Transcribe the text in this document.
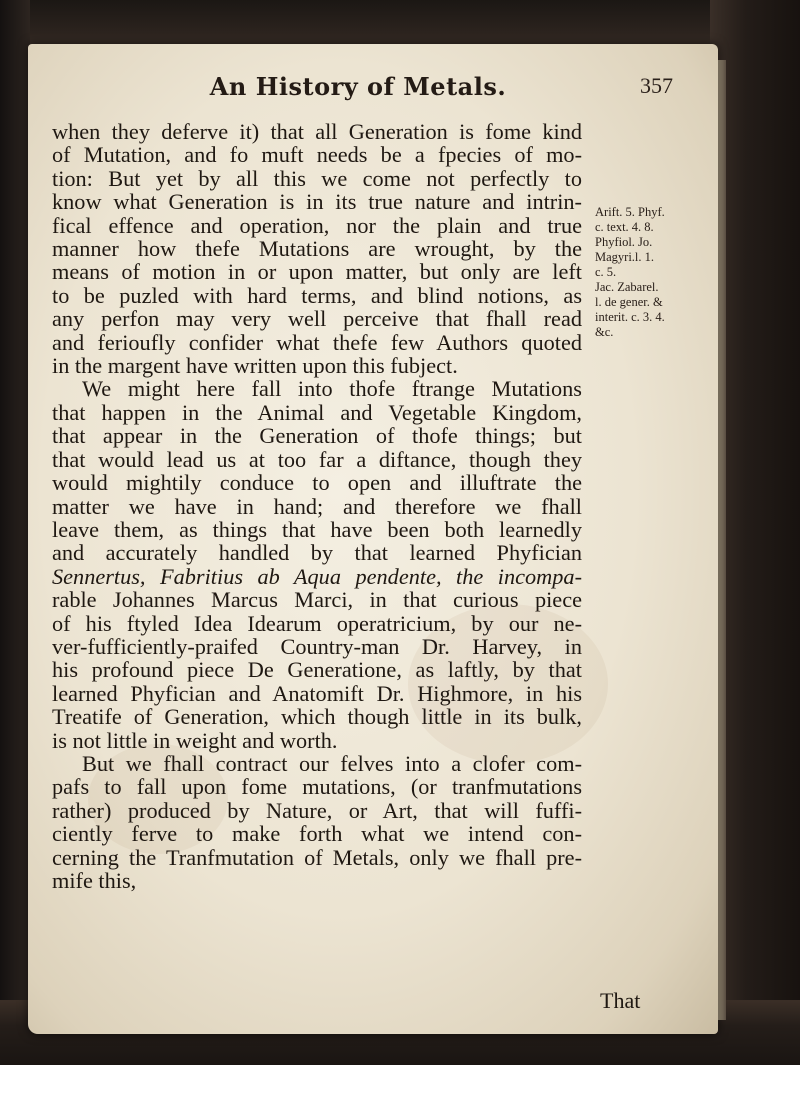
An History of Metals.	357
when they deferve it) that all Generation is fome kind
of Mutation, and fo muft needs be a fpecies of mo-
tion: But yet by all this we come not perfectly to
know what Generation is in its true nature and intrin-
fical effence and operation, nor the plain and true
manner how thefe Mutations are wrought, by the
means of motion in or upon matter, but only are left
to be puzled with hard terms, and blind notions, as
any perfon may very well perceive that fhall read
and ferioufly confider what thefe few Authors quoted
in the margent have written upon this fubject.
We might here fall into thofe ftrange Mutations
that happen in the Animal and Vegetable Kingdom,
that appear in the Generation of thofe things; but
that would lead us at too far a diftance, though they
would mightily conduce to open and illuftrate the
matter we have in hand; and therefore we fhall
leave them, as things that have been both learnedly
and accurately handled by that learned Phyfician
Sennertus, Fabritius ab Aqua pendente, the incompa-
rable Johannes Marcus Marci, in that curious piece
of his ftyled Idea Idearum operatricium, by our ne-
ver-fufficiently-praifed Country-man Dr. Harvey, in
his profound piece De Generatione, as laftly, by that
learned Phyfician and Anatomift Dr. Highmore, in his
Treatife of Generation, which though little in its bulk,
is not little in weight and worth.
But we fhall contract our felves into a clofer com-
pafs to fall upon fome mutations, (or tranfmutations
rather) produced by Nature, or Art, that will fuffi-
ciently ferve to make forth what we intend con-
cerning the Tranfmutation of Metals, only we fhall pre-
mife this,
Arift. 5. Phyf.
c. text. 4. 8.
Phyfiol. Jo.
Magyri.l. 1.
c. 5.
Jac. Zabarel.
l. de gener. &
interit. c. 3. 4.
&c.
That
